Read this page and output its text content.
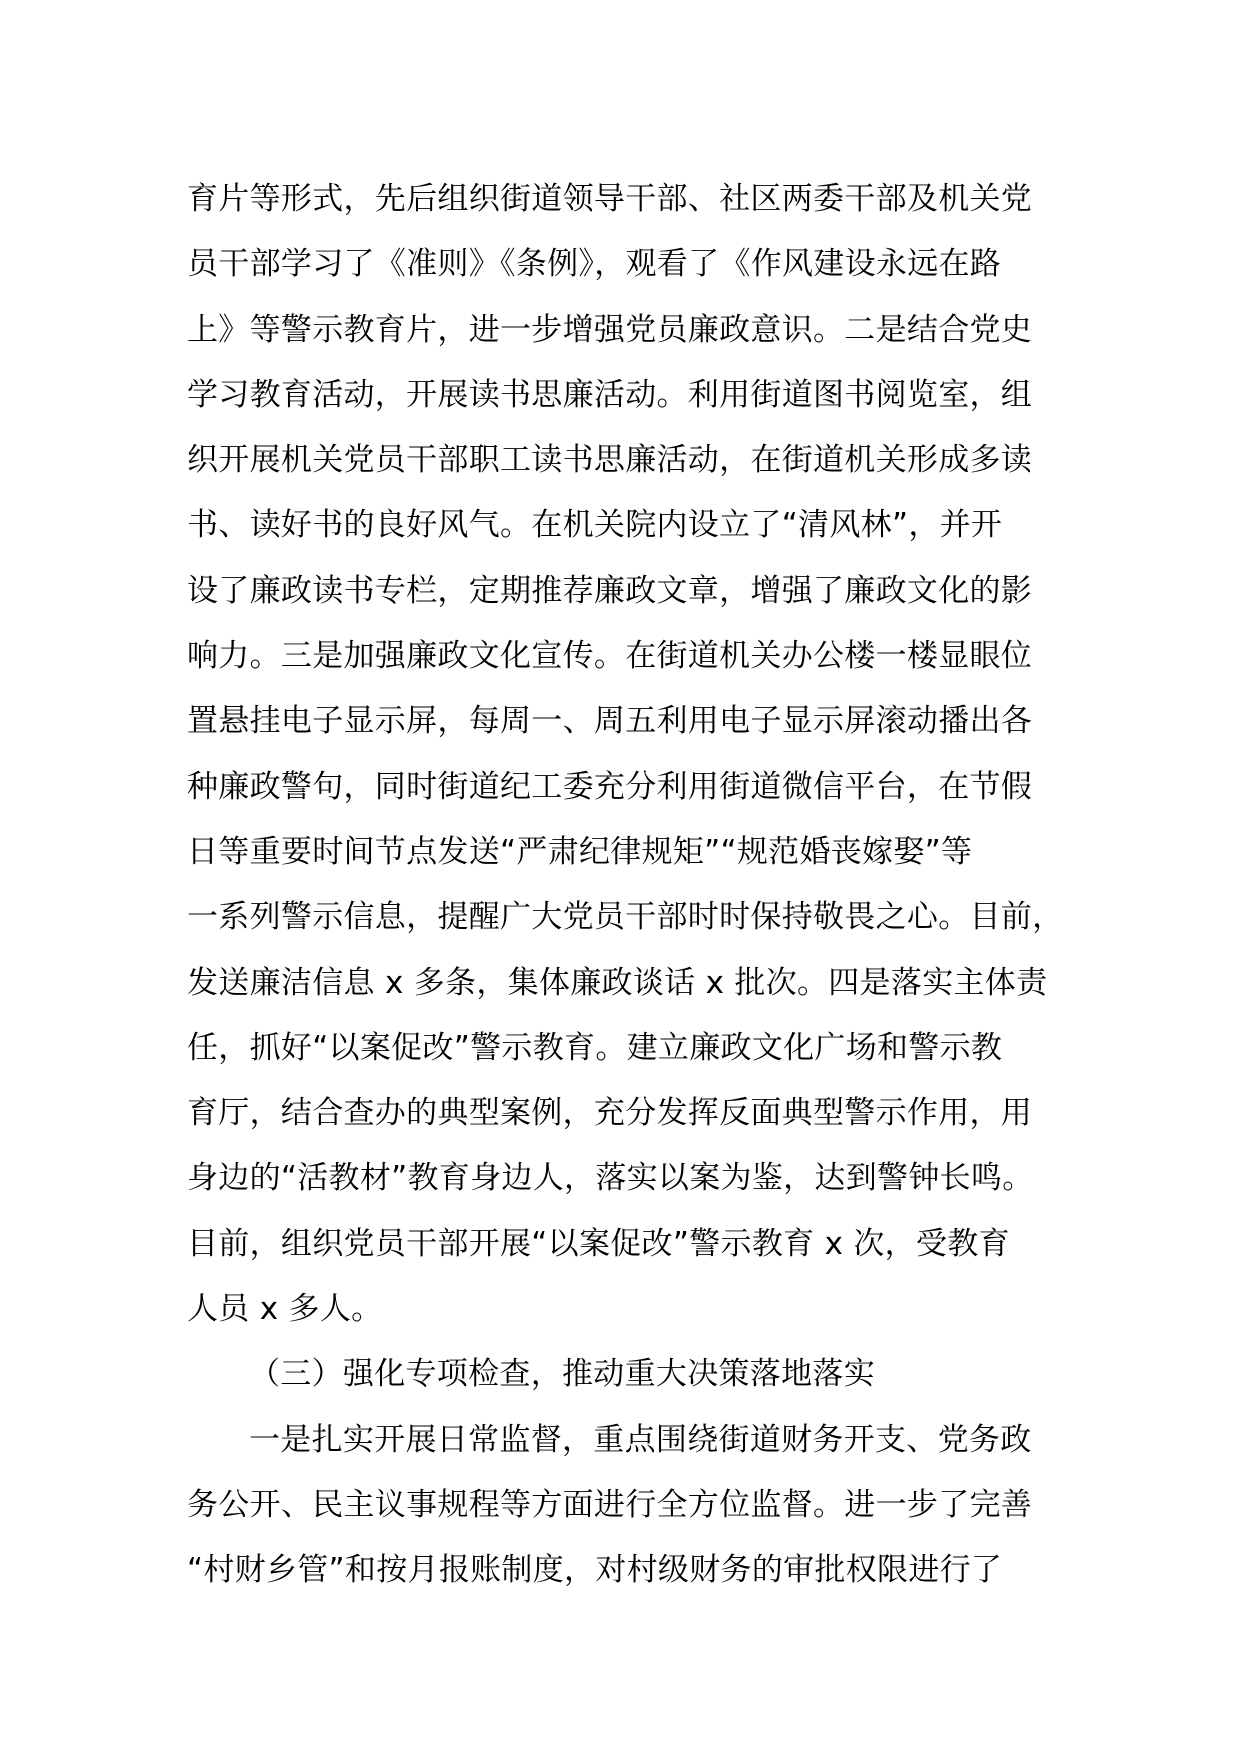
育片等形式，先后组织街道领导干部、社区两委干部及机关党
员干部学习了《准则》《条例》，观看了《作风建设永远在路
上》等警示教育片，进一步增强党员廉政意识。二是结合党史
学习教育活动，开展读书思廉活动。利用街道图书阅览室，组
织开展机关党员干部职工读书思廉活动，在街道机关形成多读
书、读好书的良好风气。在机关院内设立了“清风林”，并开
设了廉政读书专栏，定期推荐廉政文章，增强了廉政文化的影
响力。三是加强廉政文化宣传。在街道机关办公楼一楼显眼位
置悬挂电子显示屏，每周一、周五利用电子显示屏滚动播出各
种廉政警句，同时街道纪工委充分利用街道微信平台，在节假
日等重要时间节点发送“严肃纪律规矩”“规范婚丧嫁娶”等
一系列警示信息，提醒广大党员干部时时保持敬畏之心。目前，
发送廉洁信息 x 多条，集体廉政谈话 x 批次。四是落实主体责
任，抓好“以案促改”警示教育。建立廉政文化广场和警示教
育厅，结合查办的典型案例，充分发挥反面典型警示作用，用
身边的“活教材”教育身边人，落实以案为鉴，达到警钟长鸣。
目前，组织党员干部开展“以案促改”警示教育 x 次，受教育
人员 x 多人。
（三）强化专项检查，推动重大决策落地落实
一是扎实开展日常监督，重点围绕街道财务开支、党务政
务公开、民主议事规程等方面进行全方位监督。进一步了完善
“村财乡管”和按月报账制度，对村级财务的审批权限进行了
